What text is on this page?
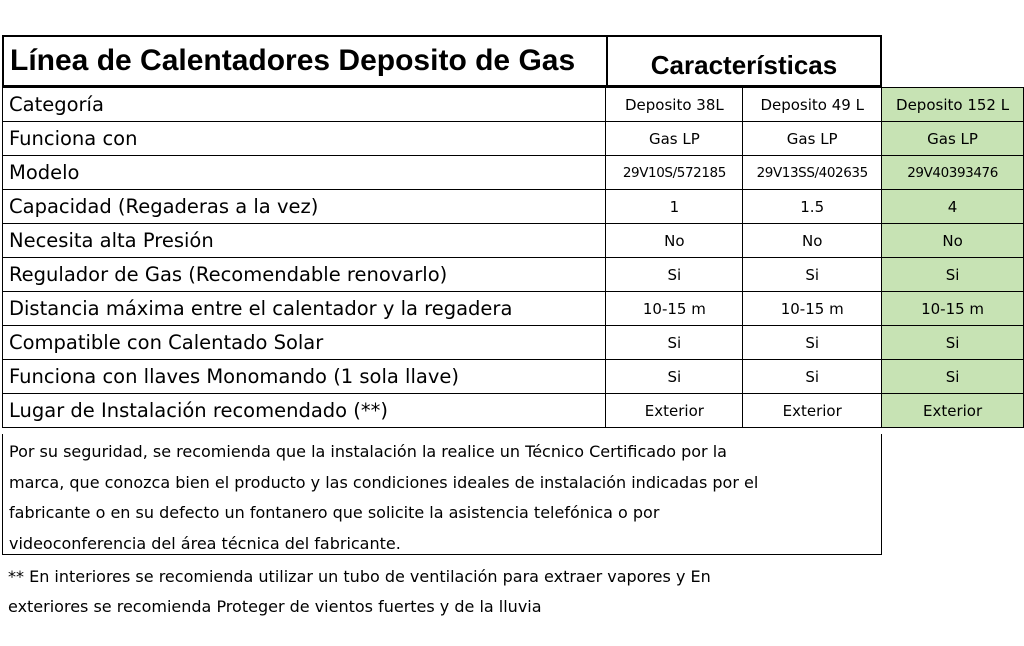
Línea de Calentadores Deposito de Gas	Características
Categoría	Deposito 38L	Deposito 49 L	Deposito 152 L
Funciona con	Gas LP	Gas LP	Gas LP
Modelo	29V10S/572185	29V13SS/402635	29V40393476
Capacidad (Regaderas a la vez)	1	1.5	4
Necesita alta Presión	No	No	No
Regulador de Gas (Recomendable renovarlo)	Si	Si	Si
Distancia máxima entre el calentador y la regadera	10-15 m	10-15 m	10-15 m
Compatible con Calentado Solar	Si	Si	Si
Funciona con llaves Monomando (1 sola llave)	Si	Si	Si
Lugar de Instalación recomendado (**)	Exterior	Exterior	Exterior
Por su seguridad, se recomienda que la instalación la realice un Técnico Certificado por la
marca, que conozca bien el producto y las condiciones ideales de instalación indicadas por el
fabricante o en su defecto un fontanero que solicite la asistencia telefónica o por
videoconferencia del área técnica del fabricante.
** En interiores se recomienda utilizar un tubo de ventilación para extraer vapores y En
exteriores se recomienda Proteger de vientos fuertes y de la lluvia
